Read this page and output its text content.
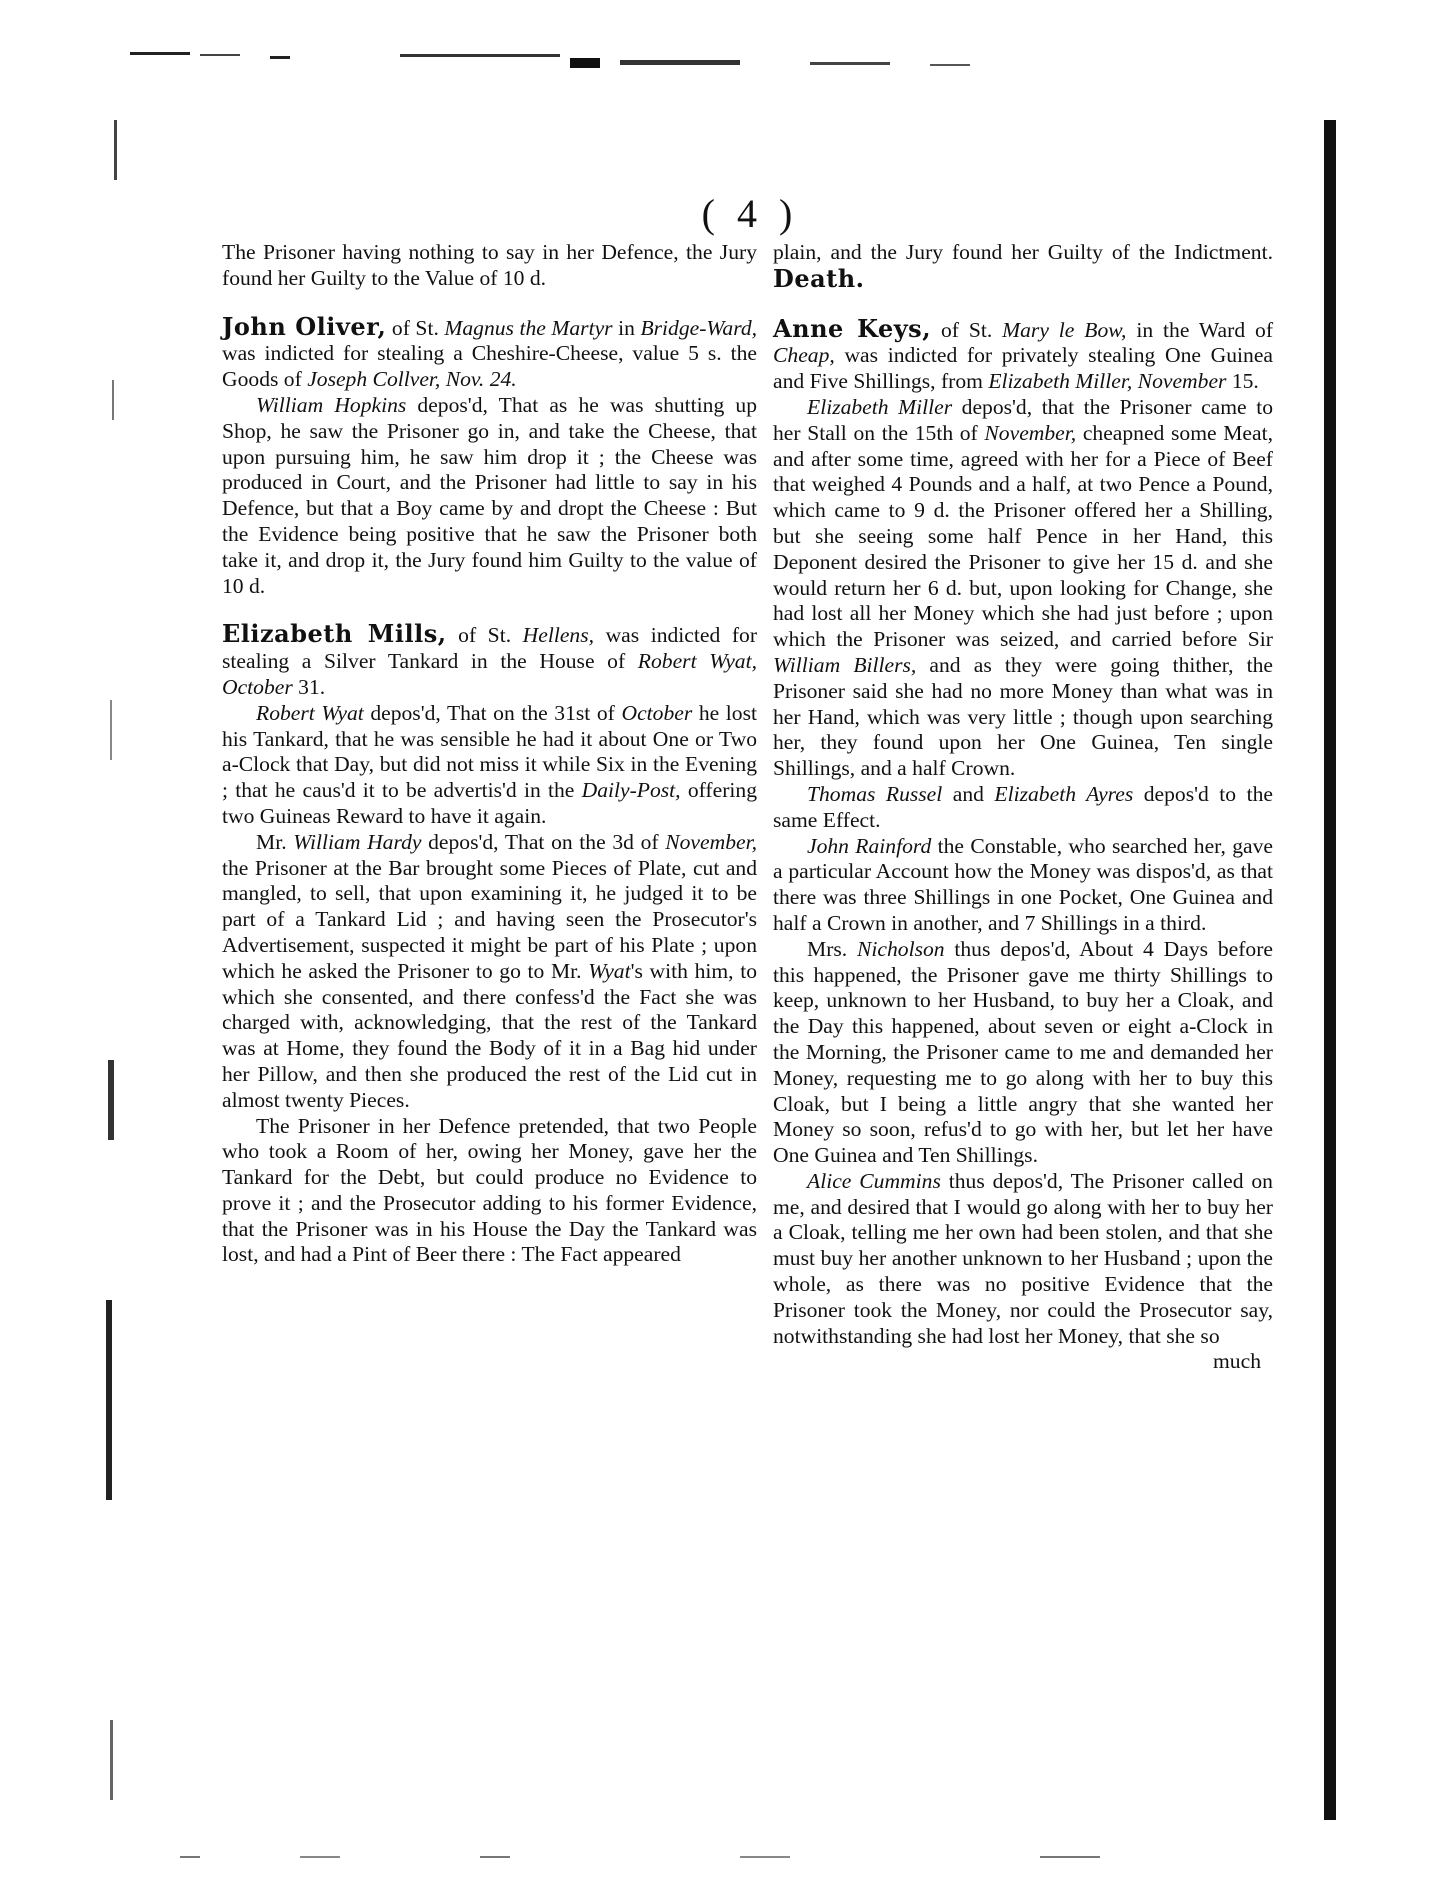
( 4 )

The Prisoner having nothing to say in her Defence, the Jury found her Guilty to the Value of 10 d.

John Oliver, of St. Magnus the Martyr in Bridge-Ward, was indicted for stealing a Cheshire-Cheese, value 5 s. the Goods of Joseph Collver, Nov. 24.

William Hopkins depos'd, That as he was shutting up Shop, he saw the Prisoner go in, and take the Cheese, that upon pursuing him, he saw him drop it ; the Cheese was produced in Court, and the Prisoner had little to say in his Defence, but that a Boy came by and dropt the Cheese : But the Evidence being positive that he saw the Prisoner both take it, and drop it, the Jury found him Guilty to the value of 10 d.

Elizabeth Mills, of St. Hellens, was indicted for stealing a Silver Tankard in the House of Robert Wyat, October 31.

Robert Wyat depos'd, That on the 31st of October he lost his Tankard, that he was sensible he had it about One or Two a-Clock that Day, but did not miss it while Six in the Evening ; that he caus'd it to be advertis'd in the Daily-Post, offering two Guineas Reward to have it again.

Mr. William Hardy depos'd, That on the 3d of November, the Prisoner at the Bar brought some Pieces of Plate, cut and mangled, to sell, that upon examining it, he judged it to be part of a Tankard Lid ; and having seen the Prosecutor's Advertisement, suspected it might be part of his Plate ; upon which he asked the Prisoner to go to Mr. Wyat's with him, to which she consented, and there confess'd the Fact she was charged with, acknowledging, that the rest of the Tankard was at Home, they found the Body of it in a Bag hid under her Pillow, and then she produced the rest of the Lid cut in almost twenty Pieces.

The Prisoner in her Defence pretended, that two People who took a Room of her, owing her Money, gave her the Tankard for the Debt, but could produce no Evidence to prove it ; and the Prosecutor adding to his former Evidence, that the Prisoner was in his House the Day the Tankard was lost, and had a Pint of Beer there : The Fact appeared

plain, and the Jury found her Guilty of the Indictment. Death.

Anne Keys, of St. Mary le Bow, in the Ward of Cheap, was indicted for privately stealing One Guinea and Five Shillings, from Elizabeth Miller, November 15.

Elizabeth Miller depos'd, that the Prisoner came to her Stall on the 15th of November, cheapned some Meat, and after some time, agreed with her for a Piece of Beef that weighed 4 Pounds and a half, at two Pence a Pound, which came to 9 d. the Prisoner offered her a Shilling, but she seeing some half Pence in her Hand, this Deponent desired the Prisoner to give her 15 d. and she would return her 6 d. but, upon looking for Change, she had lost all her Money which she had just before ; upon which the Prisoner was seized, and carried before Sir William Billers, and as they were going thither, the Prisoner said she had no more Money than what was in her Hand, which was very little ; though upon searching her, they found upon her One Guinea, Ten single Shillings, and a half Crown.

Thomas Russel and Elizabeth Ayres depos'd to the same Effect.

John Rainford the Constable, who searched her, gave a particular Account how the Money was dispos'd, as that there was three Shillings in one Pocket, One Guinea and half a Crown in another, and 7 Shillings in a third.

Mrs. Nicholson thus depos'd, About 4 Days before this happened, the Prisoner gave me thirty Shillings to keep, unknown to her Husband, to buy her a Cloak, and the Day this happened, about seven or eight a-Clock in the Morning, the Prisoner came to me and demanded her Money, requesting me to go along with her to buy this Cloak, but I being a little angry that she wanted her Money so soon, refus'd to go with her, but let her have One Guinea and Ten Shillings.

Alice Cummins thus depos'd, The Prisoner called on me, and desired that I would go along with her to buy her a Cloak, telling me her own had been stolen, and that she must buy her another unknown to her Husband ; upon the whole, as there was no positive Evidence that the Prisoner took the Money, nor could the Prosecutor say, notwithstanding she had lost her Money, that she so

much
